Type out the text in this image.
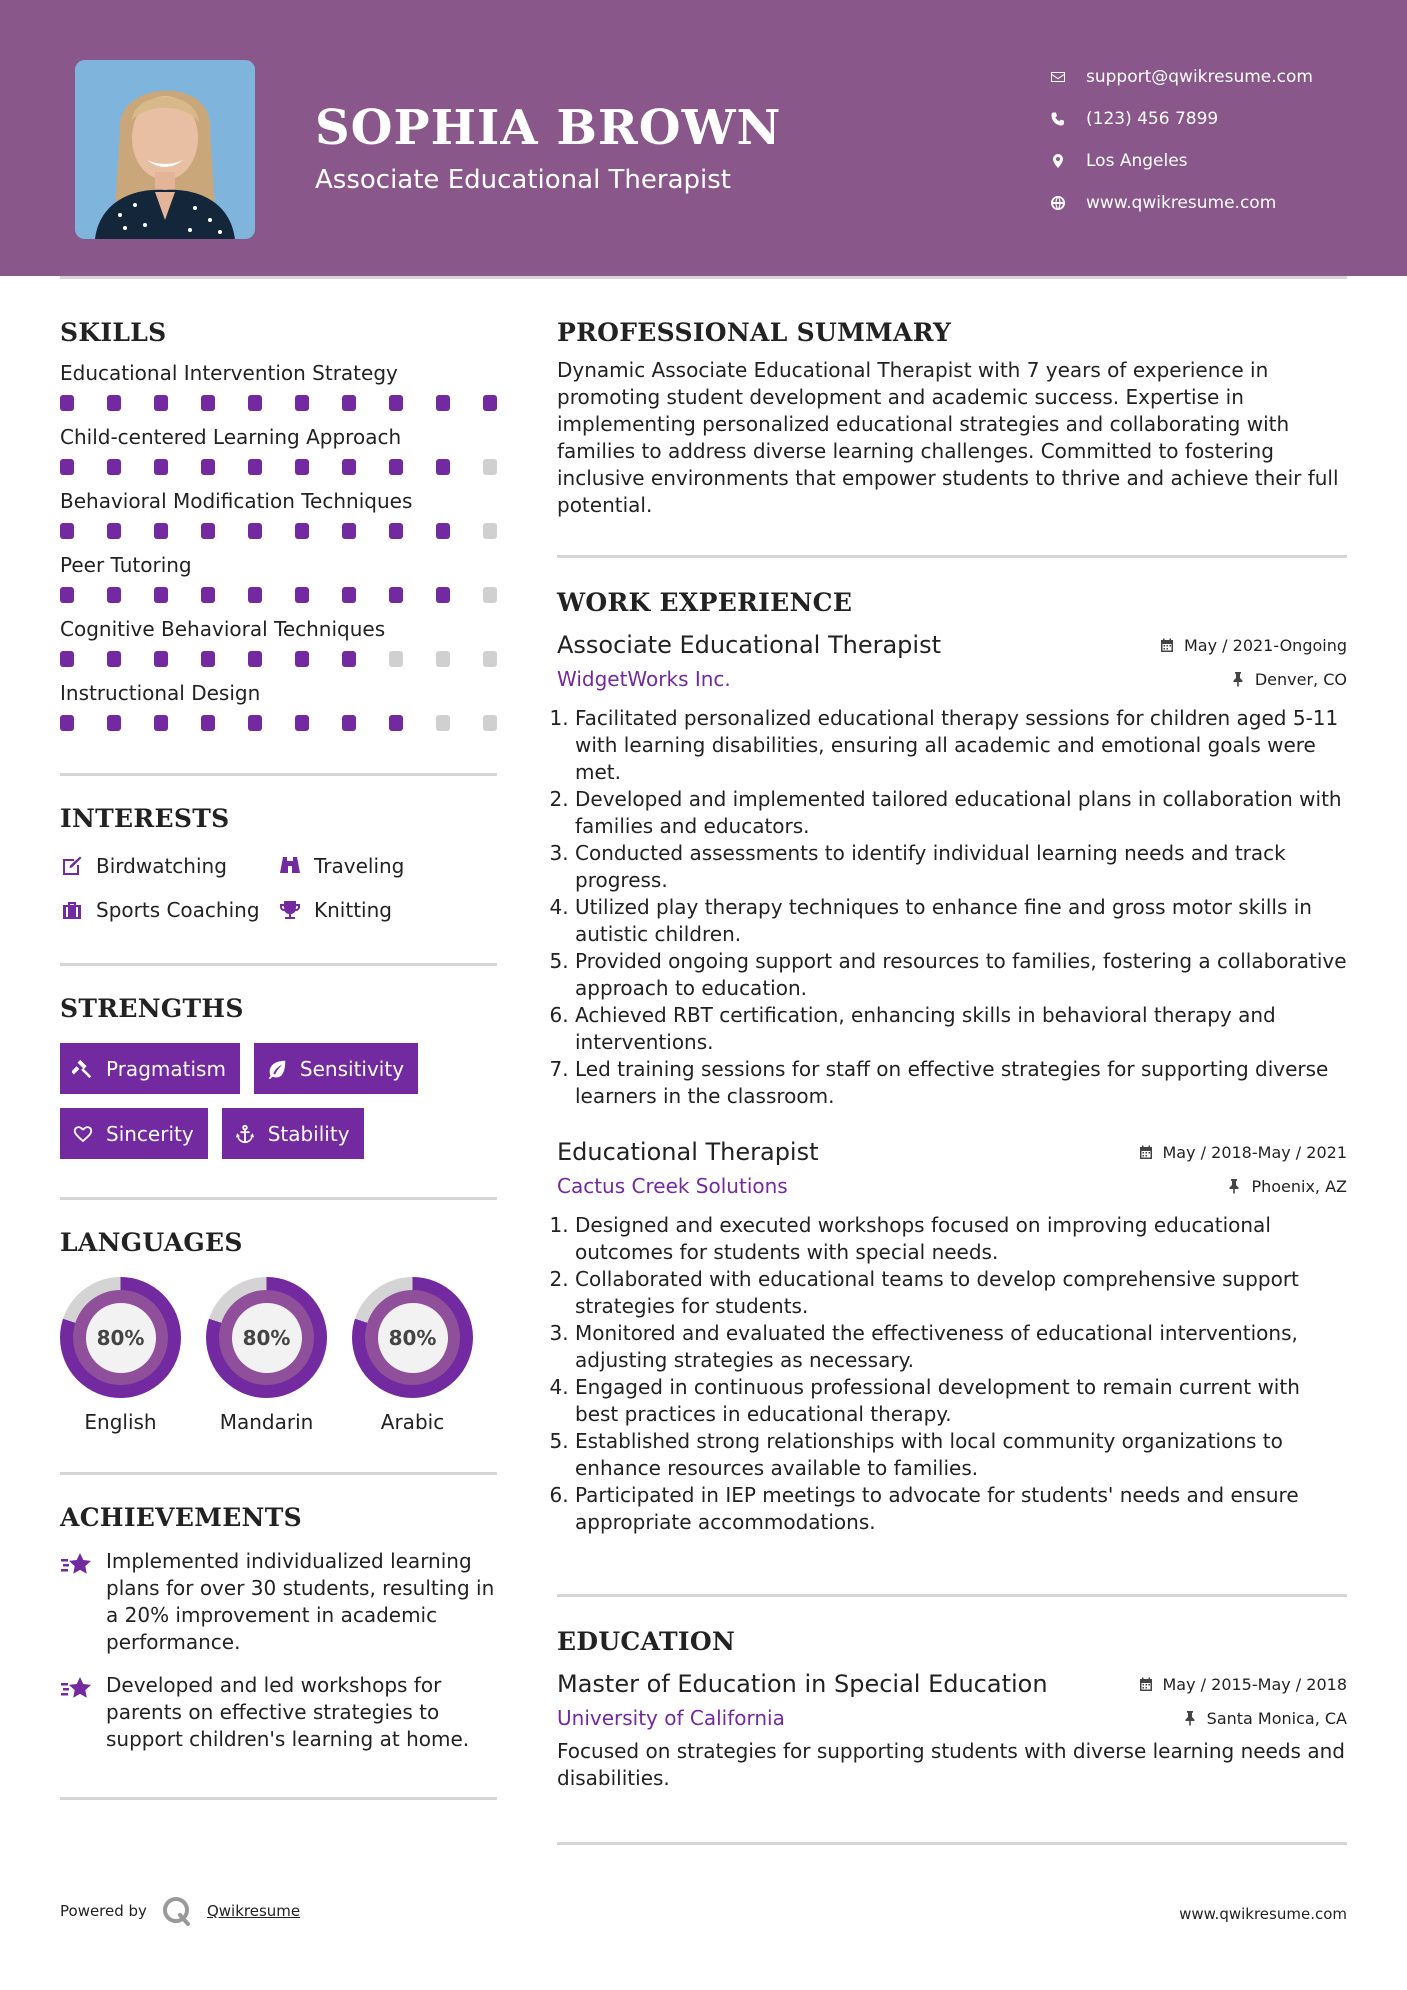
SOPHIA BROWN
Associate Educational Therapist
support@qwikresume.com
(123) 456 7899
Los Angeles
www.qwikresume.com
SKILLS
Educational Intervention Strategy
Child-centered Learning Approach
Behavioral Modification Techniques
Peer Tutoring
Cognitive Behavioral Techniques
Instructional Design
INTERESTS
Birdwatching	Traveling
Sports Coaching	Knitting
STRENGTHS
Pragmatism	Sensitivity
Sincerity	Stability
LANGUAGES
80%
English
80%
Mandarin
80%
Arabic
ACHIEVEMENTS
Implemented individualized learning plans for over 30 students, resulting in a 20% improvement in academic performance.
Developed and led workshops for parents on effective strategies to support children's learning at home.
PROFESSIONAL SUMMARY
Dynamic Associate Educational Therapist with 7 years of experience in promoting student development and academic success. Expertise in implementing personalized educational strategies and collaborating with families to address diverse learning challenges. Committed to fostering inclusive environments that empower students to thrive and achieve their full potential.
WORK EXPERIENCE
Associate Educational Therapist	May / 2021-Ongoing
WidgetWorks Inc.	Denver, CO
1. Facilitated personalized educational therapy sessions for children aged 5-11 with learning disabilities, ensuring all academic and emotional goals were met.
2. Developed and implemented tailored educational plans in collaboration with families and educators.
3. Conducted assessments to identify individual learning needs and track progress.
4. Utilized play therapy techniques to enhance fine and gross motor skills in autistic children.
5. Provided ongoing support and resources to families, fostering a collaborative approach to education.
6. Achieved RBT certification, enhancing skills in behavioral therapy and interventions.
7. Led training sessions for staff on effective strategies for supporting diverse learners in the classroom.
Educational Therapist	May / 2018-May / 2021
Cactus Creek Solutions	Phoenix, AZ
1. Designed and executed workshops focused on improving educational outcomes for students with special needs.
2. Collaborated with educational teams to develop comprehensive support strategies for students.
3. Monitored and evaluated the effectiveness of educational interventions, adjusting strategies as necessary.
4. Engaged in continuous professional development to remain current with best practices in educational therapy.
5. Established strong relationships with local community organizations to enhance resources available to families.
6. Participated in IEP meetings to advocate for students' needs and ensure appropriate accommodations.
EDUCATION
Master of Education in Special Education	May / 2015-May / 2018
University of California	Santa Monica, CA
Focused on strategies for supporting students with diverse learning needs and disabilities.
Powered by	Qwikresume	www.qwikresume.com
